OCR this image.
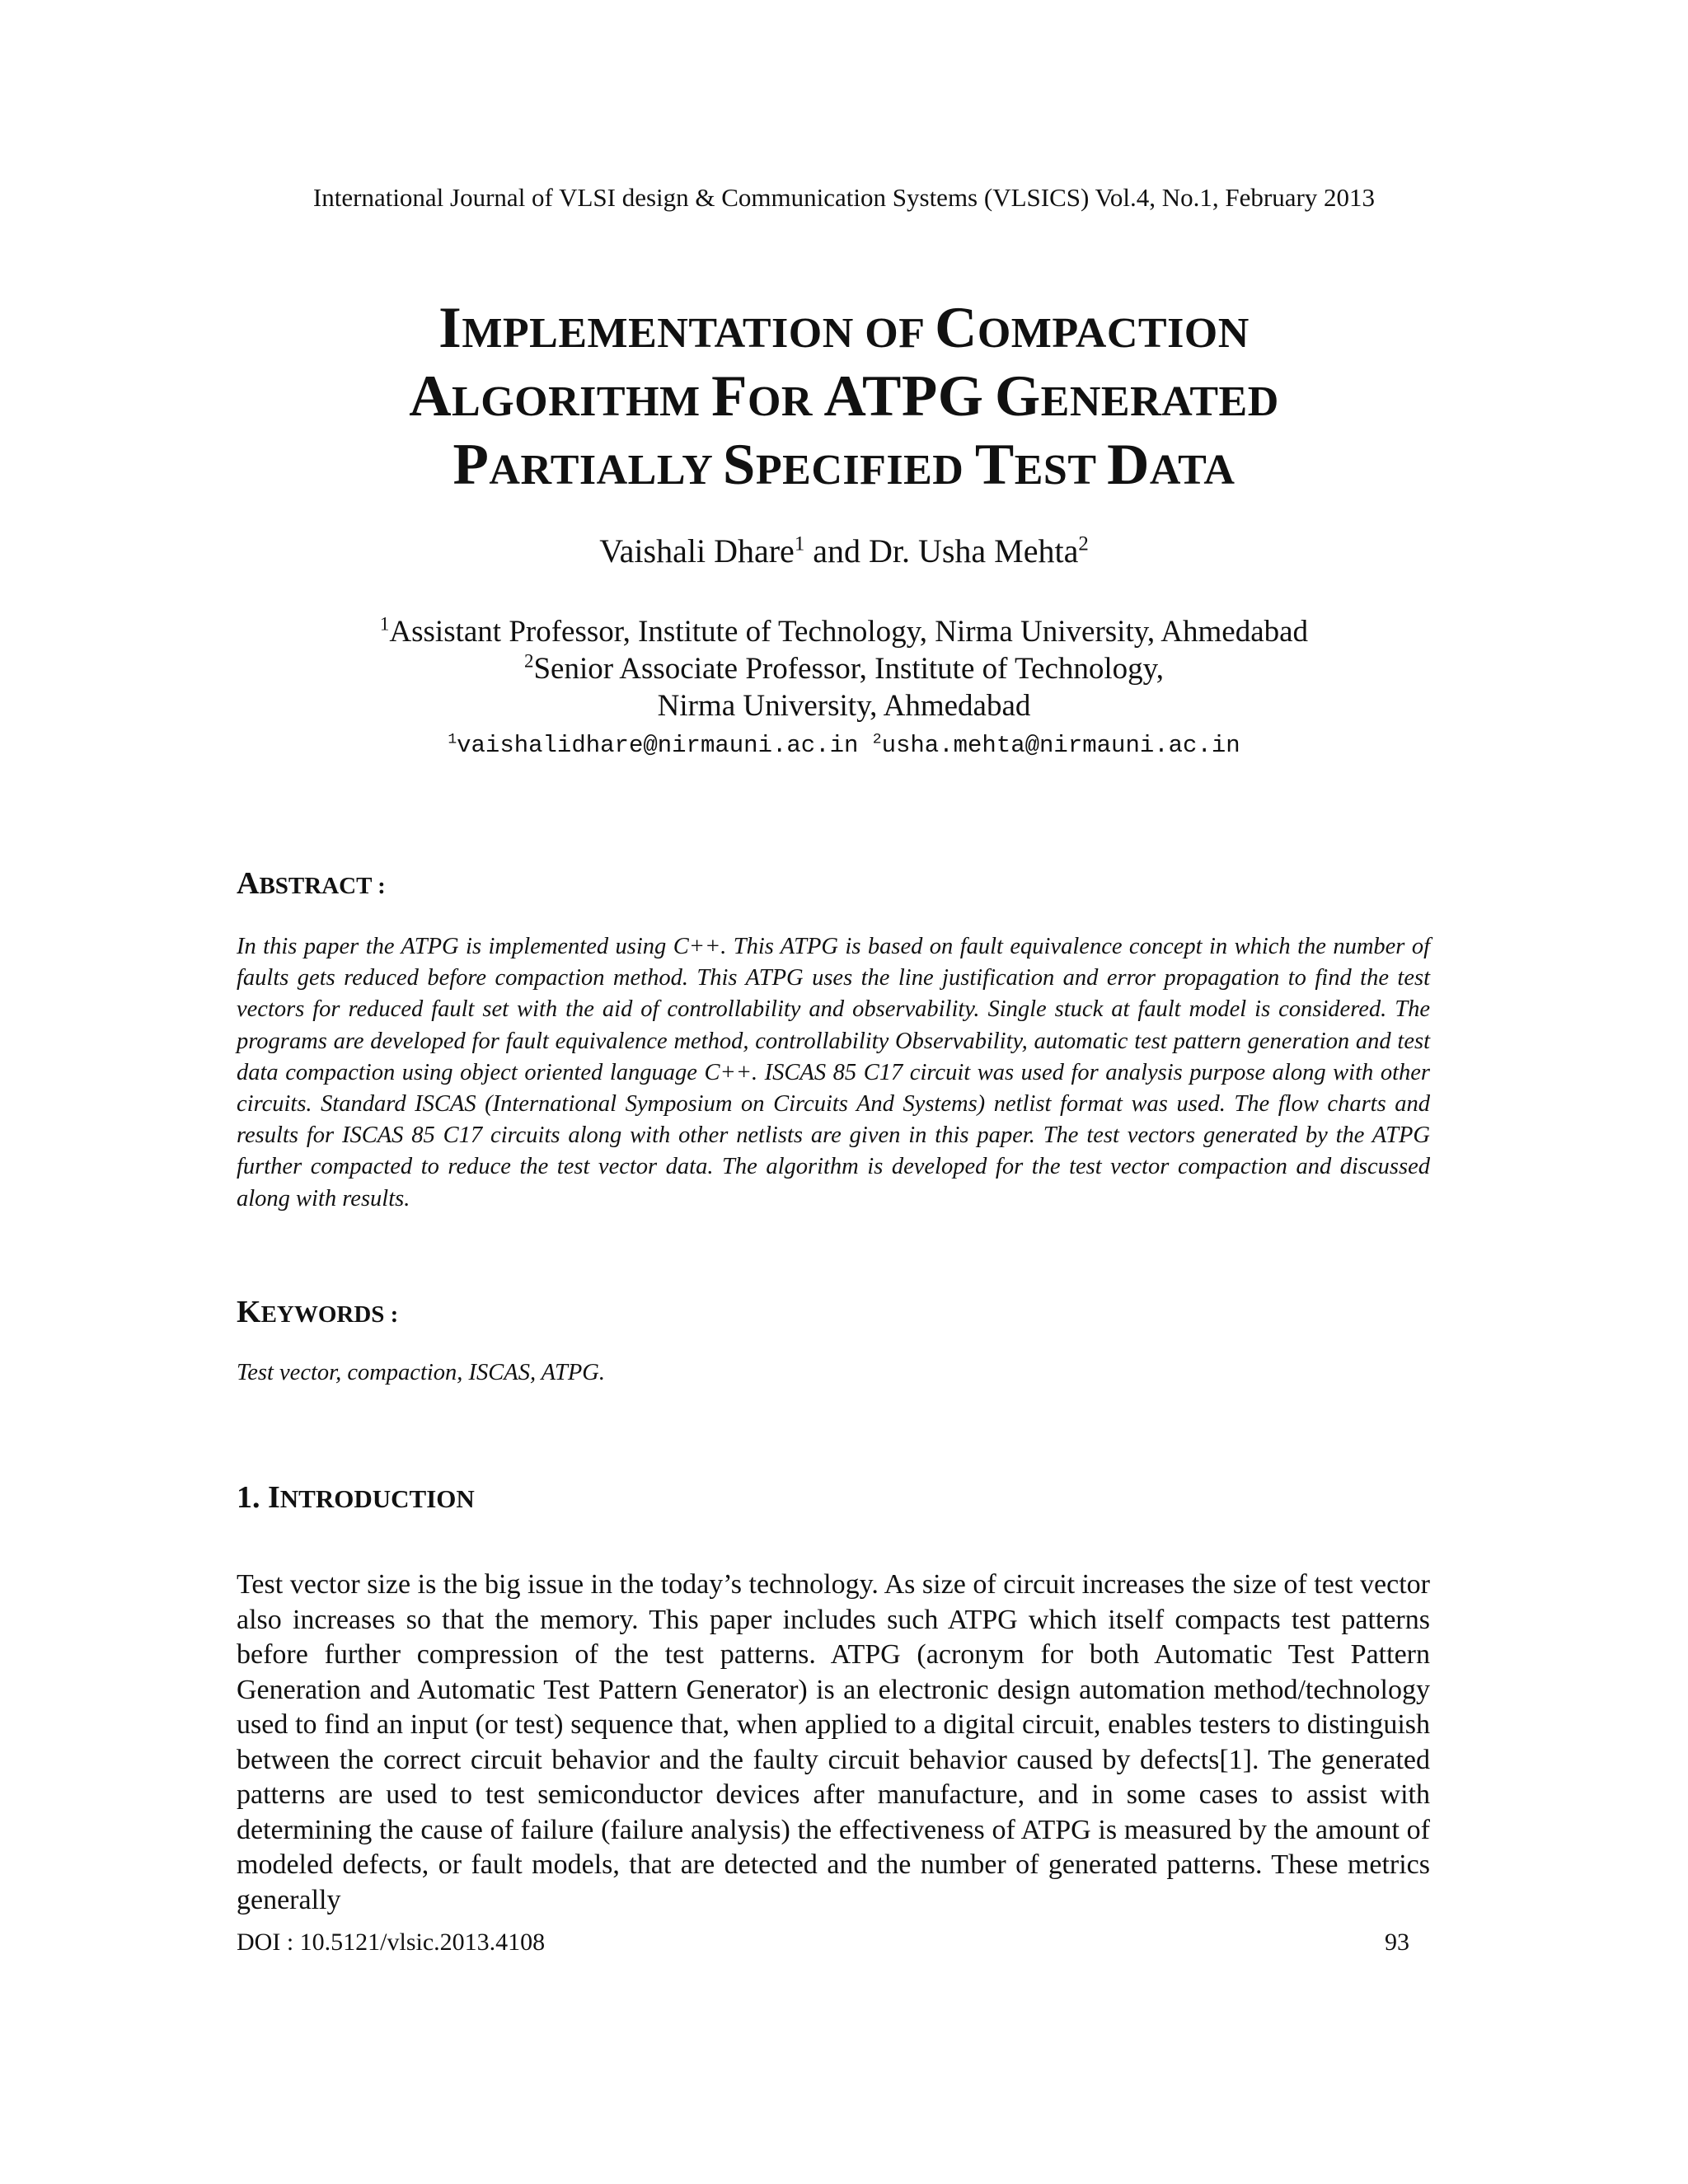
International Journal of VLSI design & Communication Systems (VLSICS) Vol.4, No.1, February 2013
IMPLEMENTATION OF COMPACTION
ALGORITHM FOR ATPG GENERATED
PARTIALLY SPECIFIED TEST DATA
Vaishali Dhare$^1$ and Dr. Usha Mehta$^2$
$^1$Assistant Professor, Institute of Technology, Nirma University, Ahmedabad
$^2$Senior Associate Professor, Institute of Technology,
Nirma University, Ahmedabad
$^1$vaishalidhare@nirmauni.ac.in $^2$usha.mehta@nirmauni.ac.in
ABSTRACT :
In this paper the ATPG is implemented using C++. This ATPG is based on fault equivalence concept in which the number of faults gets reduced before compaction method. This ATPG uses the line justification and error propagation to find the test vectors for reduced fault set with the aid of controllability and observability. Single stuck at fault model is considered. The programs are developed for fault equivalence method, controllability Observability, automatic test pattern generation and test data compaction using object oriented language C++. ISCAS 85 C17 circuit was used for analysis purpose along with other circuits. Standard ISCAS (International Symposium on Circuits And Systems) netlist format was used. The flow charts and results for ISCAS 85 C17 circuits along with other netlists are given in this paper. The test vectors generated by the ATPG further compacted to reduce the test vector data. The algorithm is developed for the test vector compaction and discussed along with results.
KEYWORDS :
Test vector, compaction, ISCAS, ATPG.
1. INTRODUCTION
Test vector size is the big issue in the today’s technology. As size of circuit increases the size of test vector also increases so that the memory. This paper includes such ATPG which itself compacts test patterns before further compression of the test patterns. ATPG (acronym for both Automatic Test Pattern Generation and Automatic Test Pattern Generator) is an electronic design automation method/technology used to find an input (or test) sequence that, when applied to a digital circuit, enables testers to distinguish between the correct circuit behavior and the faulty circuit behavior caused by defects[1]. The generated patterns are used to test semiconductor devices after manufacture, and in some cases to assist with determining the cause of failure (failure analysis) the effectiveness of ATPG is measured by the amount of modeled defects, or fault models, that are detected and the number of generated patterns. These metrics generally
DOI : 10.5121/vlsic.2013.4108	93
